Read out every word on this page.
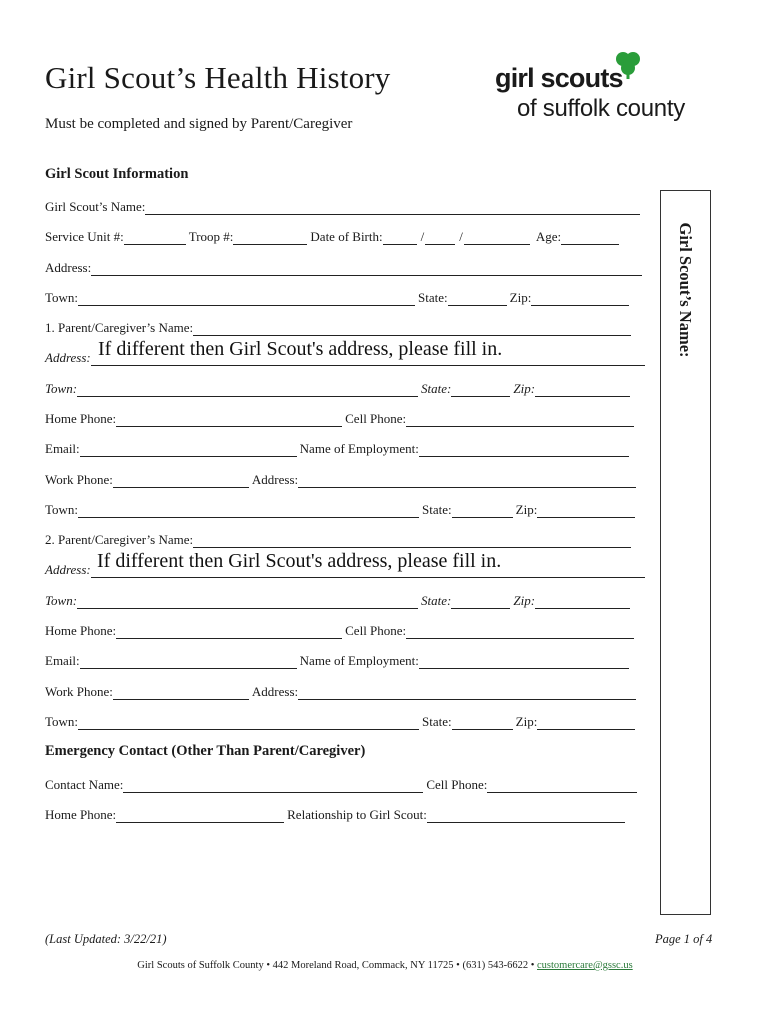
Girl Scout’s Health History
Must be completed and signed by Parent/Caregiver
girl scouts
of suffolk county
Girl Scout Information
Girl Scout’s Name:
Service Unit #:	Troop #:	Date of Birth:	/	/	Age:
Address:
Town:	State:	Zip:
1. Parent/Caregiver’s Name:
Address: If different then Girl Scout's address, please fill in.
Town:	State:	Zip:
Home Phone:	Cell Phone:
Email:	Name of Employment:
Work Phone:	Address:
Town:	State:	Zip:
2. Parent/Caregiver’s Name:
Address: If different then Girl Scout's address, please fill in.
Town:	State:	Zip:
Home Phone:	Cell Phone:
Email:	Name of Employment:
Work Phone:	Address:
Town:	State:	Zip:
Emergency Contact (Other Than Parent/Caregiver)
Contact Name:	Cell Phone:
Home Phone:	Relationship to Girl Scout:
Girl Scout’s Name:
(Last Updated: 3/22/21)	Page 1 of 4
Girl Scouts of Suffolk County • 442 Moreland Road, Commack, NY 11725 • (631) 543-6622 • customercare@gssc.us
